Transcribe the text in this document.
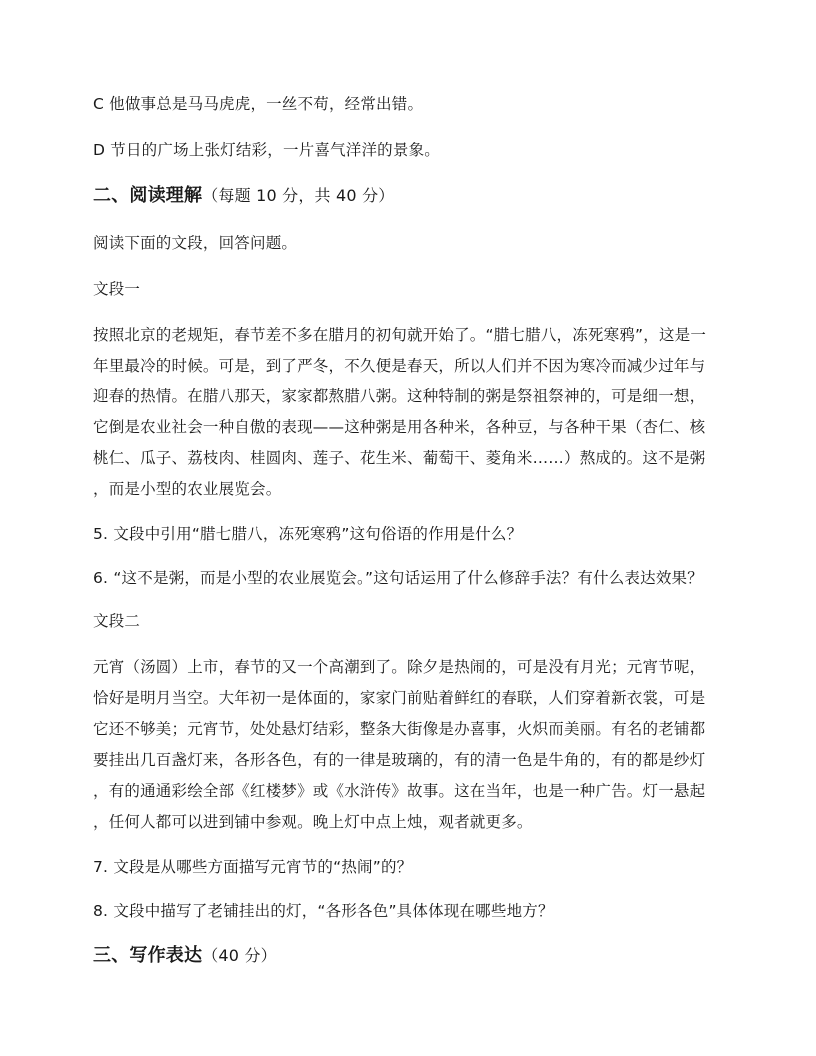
C 他做事总是马马虎虎，一丝不苟，经常出错。
D 节日的广场上张灯结彩，一片喜气洋洋的景象。
二、阅读理解（每题 10 分，共 40 分）
阅读下面的文段，回答问题。
文段一
按照北京的老规矩，春节差不多在腊月的初旬就开始了。“腊七腊八，冻死寒鸦”，这是一
年里最冷的时候。可是，到了严冬，不久便是春天，所以人们并不因为寒冷而减少过年与
迎春的热情。在腊八那天，家家都熬腊八粥。这种特制的粥是祭祖祭神的，可是细一想，
它倒是农业社会一种自傲的表现——这种粥是用各种米，各种豆，与各种干果（杏仁、核
桃仁、瓜子、荔枝肉、桂圆肉、莲子、花生米、葡萄干、菱角米……）熬成的。这不是粥
，而是小型的农业展览会。
5. 文段中引用“腊七腊八，冻死寒鸦”这句俗语的作用是什么？
6. “这不是粥，而是小型的农业展览会。”这句话运用了什么修辞手法？有什么表达效果？
文段二
元宵（汤圆）上市，春节的又一个高潮到了。除夕是热闹的，可是没有月光；元宵节呢，
恰好是明月当空。大年初一是体面的，家家门前贴着鲜红的春联，人们穿着新衣裳，可是
它还不够美；元宵节，处处悬灯结彩，整条大街像是办喜事，火炽而美丽。有名的老铺都
要挂出几百盏灯来，各形各色，有的一律是玻璃的，有的清一色是牛角的，有的都是纱灯
，有的通通彩绘全部《红楼梦》或《水浒传》故事。这在当年，也是一种广告。灯一悬起
，任何人都可以进到铺中参观。晚上灯中点上烛，观者就更多。
7. 文段是从哪些方面描写元宵节的“热闹”的？
8. 文段中描写了老铺挂出的灯，“各形各色”具体体现在哪些地方？
三、写作表达（40 分）
